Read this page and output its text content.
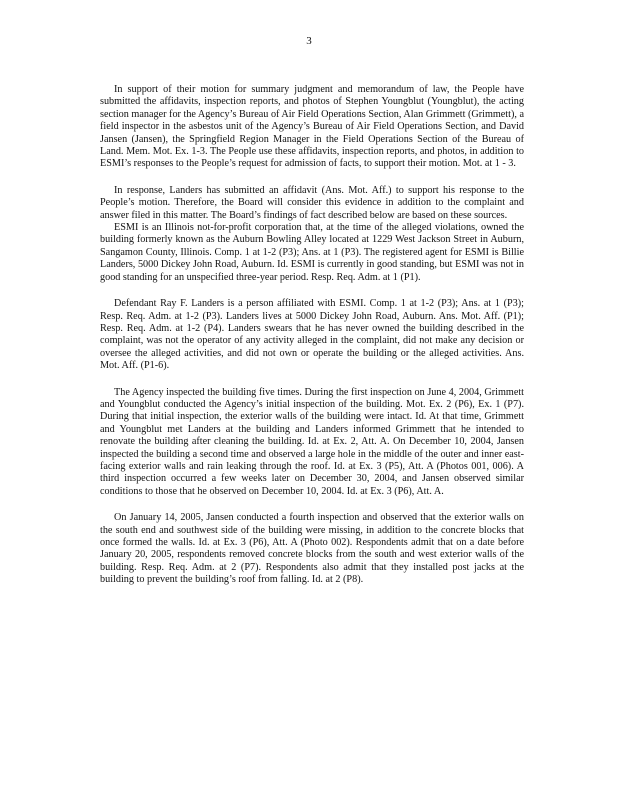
3

In support of their motion for summary judgment and memorandum of law, the People have submitted the affidavits, inspection reports, and photos of Stephen Youngblut (Youngblut), the acting section manager for the Agency’s Bureau of Air Field Operations Section, Alan Grimmett (Grimmett), a field inspector in the asbestos unit of the Agency’s Bureau of Air Field Operations Section, and David Jansen (Jansen), the Springfield Region Manager in the Field Operations Section of the Bureau of Land. Mem. Mot. Ex. 1-3. The People use these affidavits, inspection reports, and photos, in addition to ESMI’s responses to the People’s request for admission of facts, to support their motion. Mot. at 1 - 3.

In response, Landers has submitted an affidavit (Ans. Mot. Aff.) to support his response to the People’s motion. Therefore, the Board will consider this evidence in addition to the complaint and answer filed in this matter. The Board’s findings of fact described below are based on these sources.

ESMI is an Illinois not-for-profit corporation that, at the time of the alleged violations, owned the building formerly known as the Auburn Bowling Alley located at 1229 West Jackson Street in Auburn, Sangamon County, Illinois. Comp. 1 at 1-2 (P3); Ans. at 1 (P3). The registered agent for ESMI is Billie Landers, 5000 Dickey John Road, Auburn. Id. ESMI is currently in good standing, but ESMI was not in good standing for an unspecified three-year period. Resp. Req. Adm. at 1 (P1).

Defendant Ray F. Landers is a person affiliated with ESMI. Comp. 1 at 1-2 (P3); Ans. at 1 (P3); Resp. Req. Adm. at 1-2 (P3). Landers lives at 5000 Dickey John Road, Auburn. Ans. Mot. Aff. (P1); Resp. Req. Adm. at 1-2 (P4). Landers swears that he has never owned the building described in the complaint, was not the operator of any activity alleged in the complaint, did not make any decision or oversee the alleged activities, and did not own or operate the building or the alleged activities. Ans. Mot. Aff. (P1-6).

The Agency inspected the building five times. During the first inspection on June 4, 2004, Grimmett and Youngblut conducted the Agency’s initial inspection of the building. Mot. Ex. 2 (P6), Ex. 1 (P7). During that initial inspection, the exterior walls of the building were intact. Id. At that time, Grimmett and Youngblut met Landers at the building and Landers informed Grimmett that he intended to renovate the building after cleaning the building. Id. at Ex. 2, Att. A. On December 10, 2004, Jansen inspected the building a second time and observed a large hole in the middle of the outer and inner east-facing exterior walls and rain leaking through the roof. Id. at Ex. 3 (P5), Att. A (Photos 001, 006). A third inspection occurred a few weeks later on December 30, 2004, and Jansen observed similar conditions to those that he observed on December 10, 2004. Id. at Ex. 3 (P6), Att. A.

On January 14, 2005, Jansen conducted a fourth inspection and observed that the exterior walls on the south end and southwest side of the building were missing, in addition to the concrete blocks that once formed the walls. Id. at Ex. 3 (P6), Att. A (Photo 002). Respondents admit that on a date before January 20, 2005, respondents removed concrete blocks from the south and west exterior walls of the building. Resp. Req. Adm. at 2 (P7). Respondents also admit that they installed post jacks at the building to prevent the building’s roof from falling. Id. at 2 (P8).
